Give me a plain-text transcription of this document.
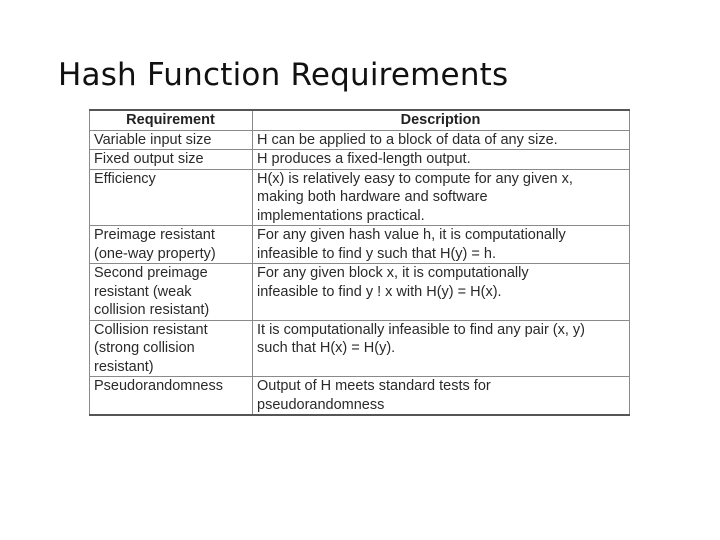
Hash Function Requirements
Requirement	Description

Variable input size	H can be applied to a block of data of any size.

Fixed output size	H produces a fixed-length output.

Efficiency	H(x) is relatively easy to compute for any given x,
making both hardware and software
implementations practical.

Preimage resistant
(one-way property)	For any given hash value h, it is computationally
infeasible to find y such that H(y) = h.

Second preimage
resistant (weak
collision resistant)	For any given block x, it is computationally
infeasible to find y ! x with H(y) = H(x).

Collision resistant
(strong collision
resistant)	It is computationally infeasible to find any pair (x, y)
such that H(x) = H(y).

Pseudorandomness	Output of H meets standard tests for
pseudorandomness
